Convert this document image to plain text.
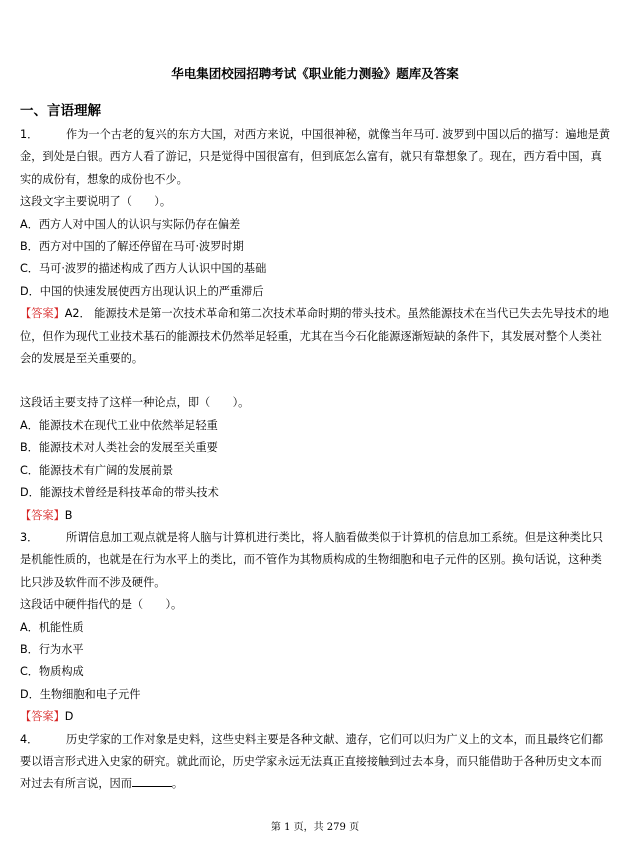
华电集团校园招聘考试《职业能力测验》题库及答案
一、言语理解

1． 作为一个古老的复兴的东方大国，对西方来说，中国很神秘，就像当年马可. 波罗到中国以后的描写：遍地是黄金，到处是白银。西方人看了游记，只是觉得中国很富有，但到底怎么富有，就只有靠想象了。现在，西方看中国，真实的成份有，想象的成份也不少。

这段文字主要说明了（　　）。

A．西方人对中国人的认识与实际仍存在偏差

B．西方对中国的了解还停留在马可·波罗时期

C．马可·波罗的描述构成了西方人认识中国的基础

D．中国的快速发展使西方出现认识上的严重滞后

【答案】A2． 能源技术是第一次技术革命和第二次技术革命时期的带头技术。虽然能源技术在当代已失去先导技术的地位，但作为现代工业技术基石的能源技术仍然举足轻重，尤其在当今石化能源逐渐短缺的条件下，其发展对整个人类社会的发展是至关重要的。

这段话主要支持了这样一种论点，即（　　）。

A．能源技术在现代工业中依然举足轻重

B．能源技术对人类社会的发展至关重要

C．能源技术有广阔的发展前景

D．能源技术曾经是科技革命的带头技术

【答案】B

3． 所谓信息加工观点就是将人脑与计算机进行类比，将人脑看做类似于计算机的信息加工系统。但是这种类比只是机能性质的，也就是在行为水平上的类比，而不管作为其物质构成的生物细胞和电子元件的区别。换句话说，这种类比只涉及软件而不涉及硬件。

这段话中硬件指代的是（　　）。

A．机能性质

B．行为水平

C．物质构成

D．生物细胞和电子元件

【答案】D

4． 历史学家的工作对象是史料，这些史料主要是各种文献、遗存，它们可以归为广义上的文本，而且最终它们都要以语言形式进入史家的研究。就此而论，历史学家永远无法真正直接接触到过去本身，而只能借助于各种历史文本而对过去有所言说，因而	。

第 1 页，共 279 页
